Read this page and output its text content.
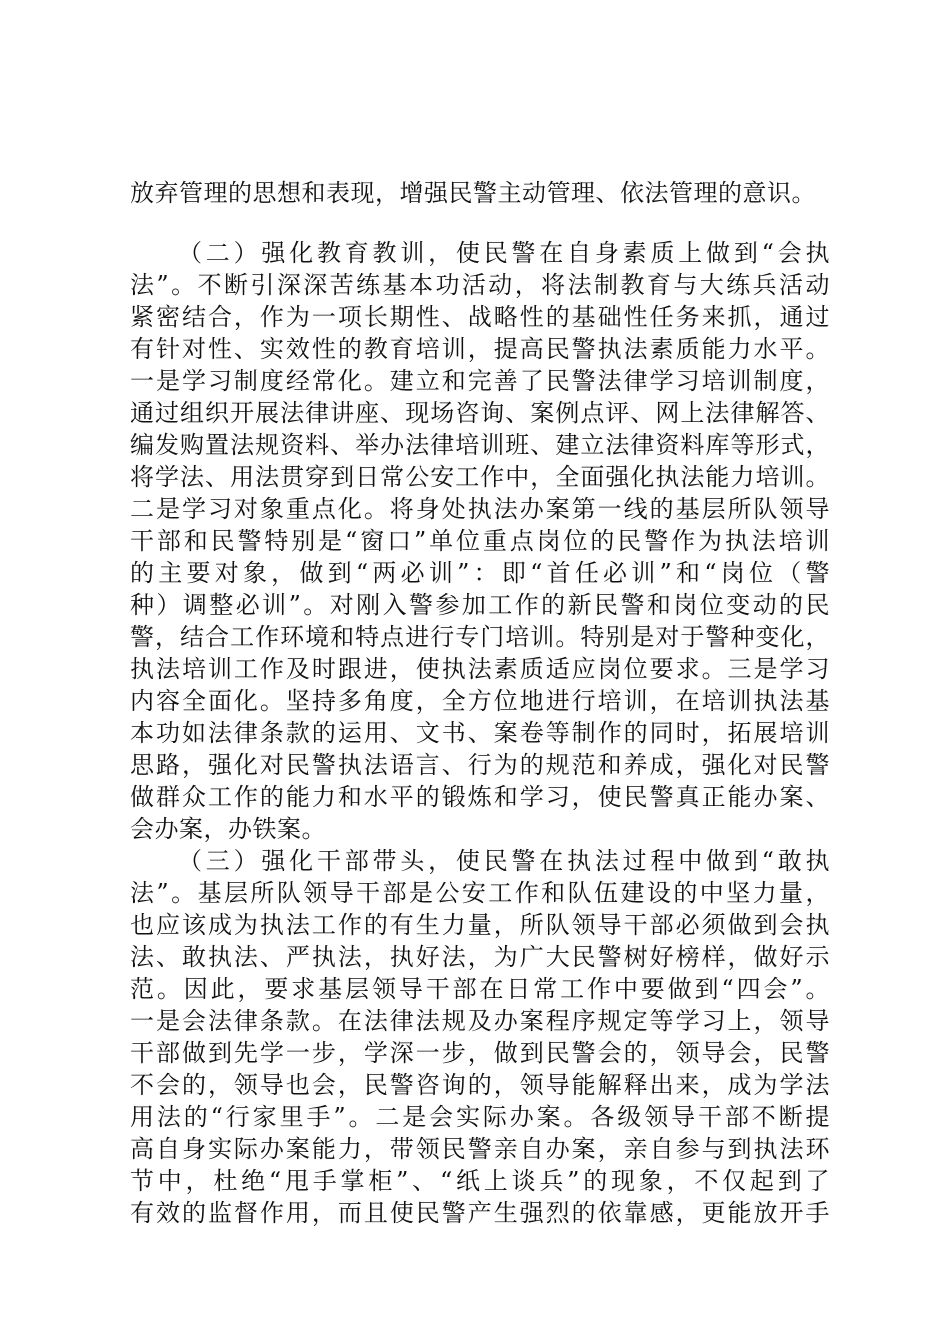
放弃管理的思想和表现，增强民警主动管理、依法管理的意识。
（二）强化教育教训，使民警在自身素质上做到“会执
法”。不断引深深苦练基本功活动，将法制教育与大练兵活动
紧密结合，作为一项长期性、战略性的基础性任务来抓，通过
有针对性、实效性的教育培训，提高民警执法素质能力水平。
一是学习制度经常化。建立和完善了民警法律学习培训制度，
通过组织开展法律讲座、现场咨询、案例点评、网上法律解答、
编发购置法规资料、举办法律培训班、建立法律资料库等形式，
将学法、用法贯穿到日常公安工作中，全面强化执法能力培训。
二是学习对象重点化。将身处执法办案第一线的基层所队领导
干部和民警特别是“窗口”单位重点岗位的民警作为执法培训
的主要对象，做到“两必训”：即“首任必训”和“岗位（警
种）调整必训”。对刚入警参加工作的新民警和岗位变动的民
警，结合工作环境和特点进行专门培训。特别是对于警种变化，
执法培训工作及时跟进，使执法素质适应岗位要求。三是学习
内容全面化。坚持多角度，全方位地进行培训，在培训执法基
本功如法律条款的运用、文书、案卷等制作的同时，拓展培训
思路，强化对民警执法语言、行为的规范和养成，强化对民警
做群众工作的能力和水平的锻炼和学习，使民警真正能办案、
会办案，办铁案。
（三）强化干部带头，使民警在执法过程中做到“敢执
法”。基层所队领导干部是公安工作和队伍建设的中坚力量，
也应该成为执法工作的有生力量，所队领导干部必须做到会执
法、敢执法、严执法，执好法，为广大民警树好榜样，做好示
范。因此，要求基层领导干部在日常工作中要做到“四会”。
一是会法律条款。在法律法规及办案程序规定等学习上，领导
干部做到先学一步，学深一步，做到民警会的，领导会，民警
不会的，领导也会，民警咨询的，领导能解释出来，成为学法
用法的“行家里手”。二是会实际办案。各级领导干部不断提
高自身实际办案能力，带领民警亲自办案，亲自参与到执法环
节中，杜绝“甩手掌柜”、“纸上谈兵”的现象，不仅起到了
有效的监督作用，而且使民警产生强烈的依靠感，更能放开手
